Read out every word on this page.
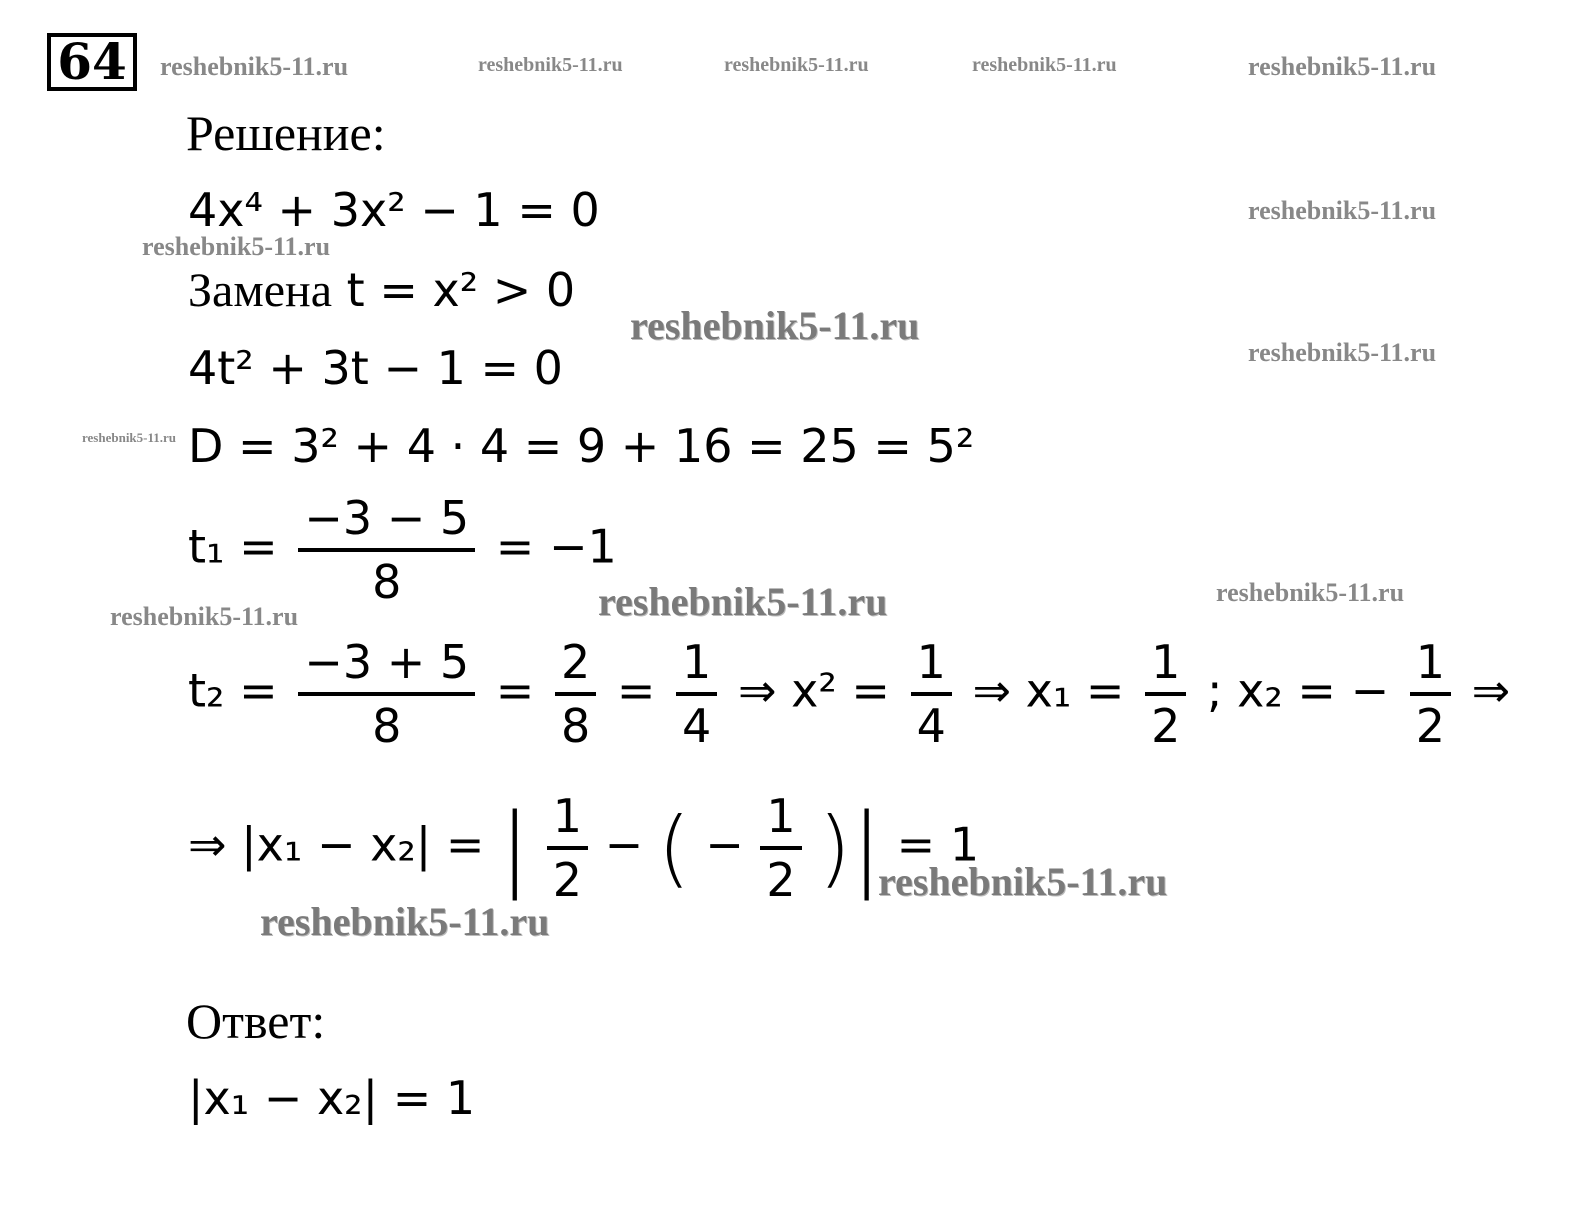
64	reshebnik5-11.ru	reshebnik5-11.ru	reshebnik5-11.ru	reshebnik5-11.ru	reshebnik5-11.ru
reshebnik5-11.ru
reshebnik5-11.ru
reshebnik5-11.ru
reshebnik5-11.ru
reshebnik5-11.ru
reshebnik5-11.ru	reshebnik5-11.ru
reshebnik5-11.ru
reshebnik5-11.ru
reshebnik5-11.ru
Решение:
4x⁴ + 3x² − 1 = 0
Замена t = x² > 0
4t² + 3t − 1 = 0
D = 3² + 4 · 4 = 9 + 16 = 25 = 5²
$t_1 = \frac{-3 - 5}{8} = -1$
$t_2 = \frac{-3 + 5}{8} = \frac{2}{8} = \frac{1}{4}$ ⇒ $x^2 = \frac{1}{4}$ ⇒ $x_1 = \frac{1}{2}$ ; x₂ = − $\frac{1}{2}$ ⇒
⇒ |x₁ − x₂| = | $\frac{1}{2}$ − ( − $\frac{1}{2}$ )| = 1
Ответ:
|x₁ − x₂| = 1
